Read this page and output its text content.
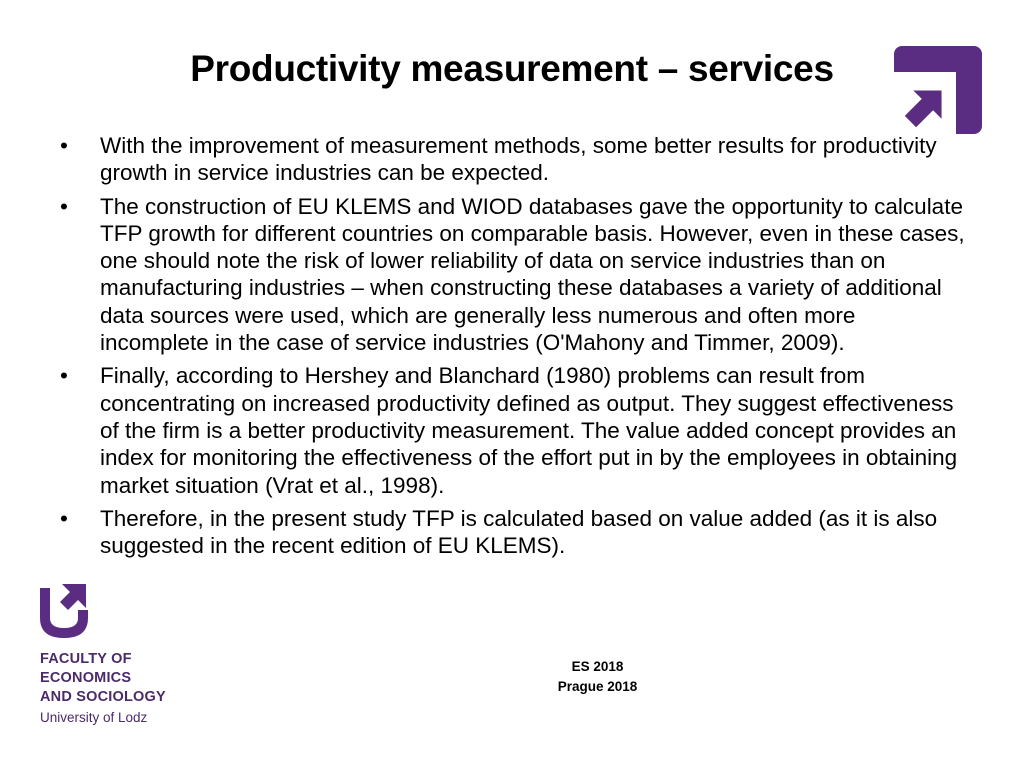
Productivity measurement – services
•	With the improvement of measurement methods, some better results for productivity growth in service industries can be expected.
•	The construction of EU KLEMS and WIOD databases gave the opportunity to calculate TFP growth for different countries on comparable basis. However, even in these cases, one should note the risk of lower reliability of data on service industries than on manufacturing industries – when constructing these databases a variety of additional data sources were used, which are generally less numerous and often more incomplete in the case of service industries (O'Mahony and Timmer, 2009).
•	Finally, according to Hershey and Blanchard (1980) problems can result from concentrating on increased productivity defined as output. They suggest effectiveness of the firm is a better productivity measurement. The value added concept provides an index for monitoring the effectiveness of the effort put in by the employees in obtaining market situation (Vrat et al., 1998).
•	Therefore, in the present study TFP is calculated based on value added (as it is also suggested in the recent edition of EU KLEMS).
FACULTY OF
ECONOMICS
AND SOCIOLOGY
University of Lodz
ES 2018
Prague 2018
